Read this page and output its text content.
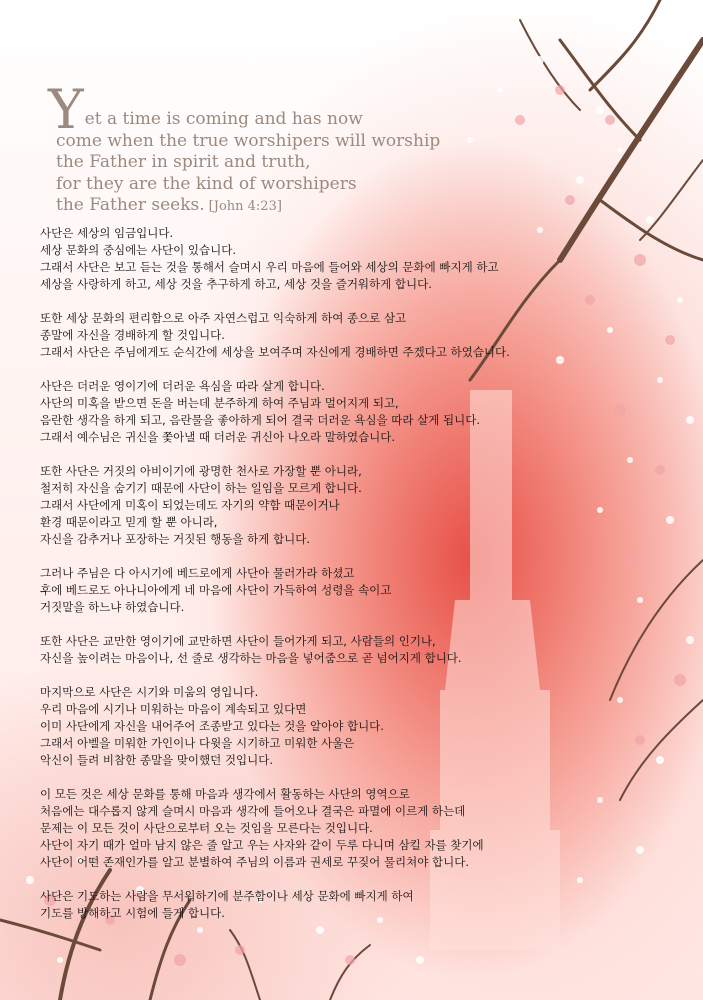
Yet a time is coming and has now
come when the true worshipers will worship
the Father in spirit and truth,
for they are the kind of worshipers
the Father seeks. [John 4:23]
사단은 세상의 임금입니다.
세상 문화의 중심에는 사단이 있습니다.
그래서 사단은 보고 듣는 것을 통해서 슬며시 우리 마음에 들어와 세상의 문화에 빠지게 하고
세상을 사랑하게 하고, 세상 것을 추구하게 하고, 세상 것을 즐거워하게 합니다.
또한 세상 문화의 편리함으로 아주 자연스럽고 익숙하게 하여 종으로 삼고
종말에 자신을 경배하게 할 것입니다.
그래서 사단은 주님에게도 순식간에 세상을 보여주며 자신에게 경배하면 주겠다고 하였습니다.
사단은 더러운 영이기에 더러운 욕심을 따라 살게 합니다.
사단의 미혹을 받으면 돈을 버는데 분주하게 하여 주님과 멀어지게 되고,
음란한 생각을 하게 되고, 음란물을 좋아하게 되어 결국 더러운 욕심을 따라 살게 됩니다.
그래서 예수님은 귀신을 쫓아낼 때 더러운 귀신아 나오라 말하였습니다.
또한 사단은 거짓의 아비이기에 광명한 천사로 가장할 뿐 아니라,
철저히 자신을 숨기기 때문에 사단이 하는 일임을 모르게 합니다.
그래서 사단에게 미혹이 되었는데도 자기의 약함 때문이거나
환경 때문이라고 믿게 할 뿐 아니라,
자신을 감추거나 포장하는 거짓된 행동을 하게 합니다.
그러나 주님은 다 아시기에 베드로에게 사단아 물러가라 하셨고
후에 베드로도 아나니아에게 네 마음에 사단이 가득하여 성령을 속이고
거짓말을 하느냐 하였습니다.
또한 사단은 교만한 영이기에 교만하면 사단이 들어가게 되고, 사람들의 인기나,
자신을 높이려는 마음이나, 선 줄로 생각하는 마음을 넣어줌으로 곧 넘어지게 합니다.
마지막으로 사단은 시기와 미움의 영입니다.
우리 마음에 시기나 미워하는 마음이 계속되고 있다면
이미 사단에게 자신을 내어주어 조종받고 있다는 것을 알아야 합니다.
그래서 아벨을 미워한 가인이나 다윗을 시기하고 미워한 사울은
악신이 들려 비참한 종말을 맞이했던 것입니다.
이 모든 것은 세상 문화를 통해 마음과 생각에서 활동하는 사단의 영역으로
처음에는 대수롭지 않게 슬며시 마음과 생각에 들어오나 결국은 파멸에 이르게 하는데
문제는 이 모든 것이 사단으로부터 오는 것임을 모른다는 것입니다.
사단이 자기 때가 얼마 남지 않은 줄 알고 우는 사자와 같이 두루 다니며 삼킬 자를 찾기에
사단이 어떤 존재인가를 알고 분별하여 주님의 이름과 권세로 꾸짖어 물리쳐야 합니다.
사단은 기도하는 사람을 무서워하기에 분주함이나 세상 문화에 빠지게 하여
기도를 방해하고 시험에 들게 합니다.
